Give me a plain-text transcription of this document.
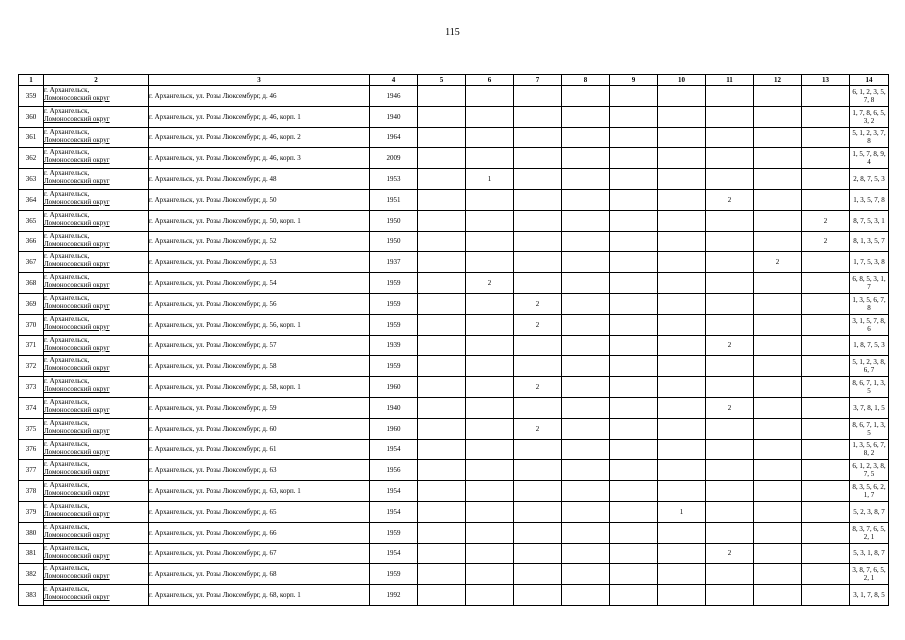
115
1	2	3	4	5	6	7	8	9	10	11	12	13	14
359	г. Архангельск,
Ломоносовский округ	г. Архангельск, ул. Розы Люксембург, д. 46	1946										6, 1, 2, 3, 5, 7, 8
360	г. Архангельск,
Ломоносовский округ	г. Архангельск, ул. Розы Люксембург, д. 46, корп. 1	1940										1, 7, 8, 6, 5, 3, 2
361	г. Архангельск,
Ломоносовский округ	г. Архангельск, ул. Розы Люксембург, д. 46, корп. 2	1964										5, 1, 2, 3, 7, 8
362	г. Архангельск,
Ломоносовский округ	г. Архангельск, ул. Розы Люксембург, д. 46, корп. 3	2009										1, 5, 7, 8, 9, 4
363	г. Архангельск,
Ломоносовский округ	г. Архангельск, ул. Розы Люксембург, д. 48	1953		1								2, 8, 7, 5, 3
364	г. Архангельск,
Ломоносовский округ	г. Архангельск, ул. Розы Люксембург, д. 50	1951							2			1, 3, 5, 7, 8
365	г. Архангельск,
Ломоносовский округ	г. Архангельск, ул. Розы Люксембург, д. 50, корп. 1	1950									2	8, 7, 5, 3, 1
366	г. Архангельск,
Ломоносовский округ	г. Архангельск, ул. Розы Люксембург, д. 52	1950									2	8, 1, 3, 5, 7
367	г. Архангельск,
Ломоносовский округ	г. Архангельск, ул. Розы Люксембург, д. 53	1937								2		1, 7, 5, 3, 8
368	г. Архангельск,
Ломоносовский округ	г. Архангельск, ул. Розы Люксембург, д. 54	1959		2								6, 8, 5, 3, 1, 7
369	г. Архангельск,
Ломоносовский округ	г. Архангельск, ул. Розы Люксембург, д. 56	1959			2							1, 3, 5, 6, 7, 8
370	г. Архангельск,
Ломоносовский округ	г. Архангельск, ул. Розы Люксембург, д. 56, корп. 1	1959			2							3, 1, 5, 7, 8, 6
371	г. Архангельск,
Ломоносовский округ	г. Архангельск, ул. Розы Люксембург, д. 57	1939							2			1, 8, 7, 5, 3
372	г. Архангельск,
Ломоносовский округ	г. Архангельск, ул. Розы Люксембург, д. 58	1959										5, 1, 2, 3, 8, 6, 7
373	г. Архангельск,
Ломоносовский округ	г. Архангельск, ул. Розы Люксембург, д. 58, корп. 1	1960			2							8, 6, 7, 1, 3, 5
374	г. Архангельск,
Ломоносовский округ	г. Архангельск, ул. Розы Люксембург, д. 59	1940							2			3, 7, 8, 1, 5
375	г. Архангельск,
Ломоносовский округ	г. Архангельск, ул. Розы Люксембург, д. 60	1960			2							8, 6, 7, 1, 3, 5
376	г. Архангельск,
Ломоносовский округ	г. Архангельск, ул. Розы Люксембург, д. 61	1954										1, 3, 5, 6, 7, 8, 2
377	г. Архангельск,
Ломоносовский округ	г. Архангельск, ул. Розы Люксембург, д. 63	1956										6, 1, 2, 3, 8, 7, 5
378	г. Архангельск,
Ломоносовский округ	г. Архангельск, ул. Розы Люксембург, д. 63, корп. 1	1954										8, 3, 5, 6, 2, 1, 7
379	г. Архангельск,
Ломоносовский округ	г. Архангельск, ул. Розы Люксембург, д. 65	1954						1				5, 2, 3, 8, 7
380	г. Архангельск,
Ломоносовский округ	г. Архангельск, ул. Розы Люксембург, д. 66	1959										8, 3, 7, 6, 5, 2, 1
381	г. Архангельск,
Ломоносовский округ	г. Архангельск, ул. Розы Люксембург, д. 67	1954							2			5, 3, 1, 8, 7
382	г. Архангельск,
Ломоносовский округ	г. Архангельск, ул. Розы Люксембург, д. 68	1959										3, 8, 7, 6, 5, 2, 1
383	г. Архангельск,
Ломоносовский округ	г. Архангельск, ул. Розы Люксембург, д. 68, корп. 1	1992										3, 1, 7, 8, 5
